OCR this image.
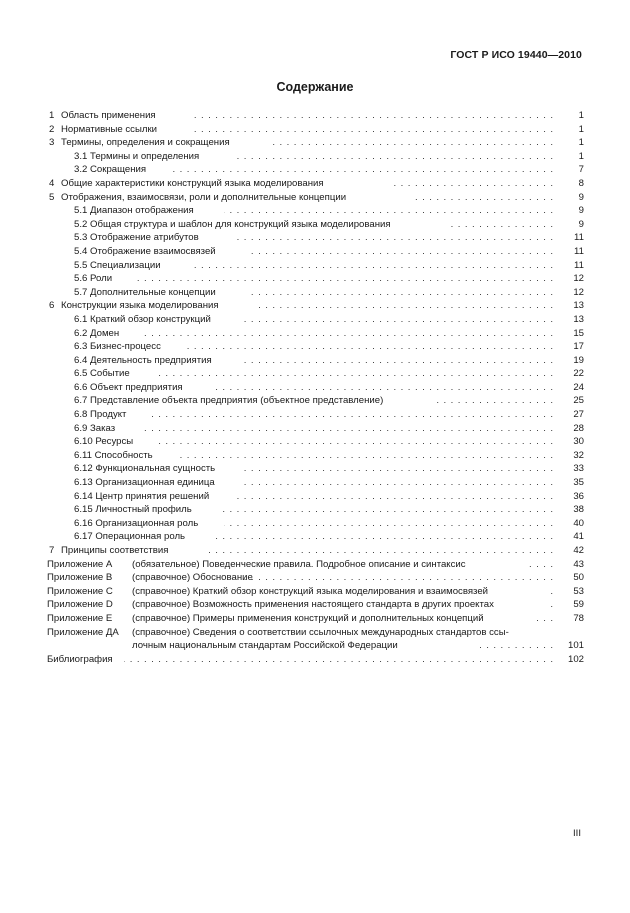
ГОСТ Р ИСО 19440—2010
Содержание
1 Область применения . . .	1
2 Нормативные ссылки . . .	1
3 Термины, определения и сокращения . . .	1
3.1 Термины и определения . . .	1
3.2 Сокращения . . .	7
4 Общие характеристики конструкций языка моделирования . . .	8
5 Отображения, взаимосвязи, роли и дополнительные концепции . . .	9
5.1 Диапазон отображения . . .	9
5.2 Общая структура и шаблон для конструкций языка моделирования . . .	9
5.3 Отображение атрибутов . . .	11
5.4 Отображение взаимосвязей . . .	11
5.5 Специализации . . .	11
5.6 Роли . . .	12
5.7 Дополнительные концепции . . .	12
6 Конструкции языка моделирования . . .	13
6.1 Краткий обзор конструкций . . .	13
6.2 Домен . . .	15
6.3 Бизнес-процесс . . .	17
6.4 Деятельность предприятия . . .	19
6.5 Событие . . .	22
6.6 Объект предприятия . . .	24
6.7 Представление объекта предприятия (объектное представление) . . .	25
6.8 Продукт . . .	27
6.9 Заказ . . .	28
6.10 Ресурсы . . .	30
6.11 Способность . . .	32
6.12 Функциональная сущность . . .	33
6.13 Организационная единица . . .	35
6.14 Центр принятия решений . . .	36
6.15 Личностный профиль . . .	38
6.16 Организационная роль . . .	40
6.17 Операционная роль . . .	41
7 Принципы соответствия . . .	42
Приложение А (обязательное) Поведенческие правила. Подробное описание и синтаксис . . .	43
Приложение В (справочное) Обоснование . . .	50
Приложение С (справочное) Краткий обзор конструкций языка моделирования и взаимосвязей . . .	53
Приложение D (справочное) Возможность применения настоящего стандарта в других проектах . . .	59
Приложение Е (справочное) Примеры применения конструкций и дополнительных концепций . . .	78
Приложение ДА (справочное) Сведения о соответствии ссылочных международных стандартов ссы-
лочным национальным стандартам Российской Федерации . . .	101
Библиография . . .	102
III
